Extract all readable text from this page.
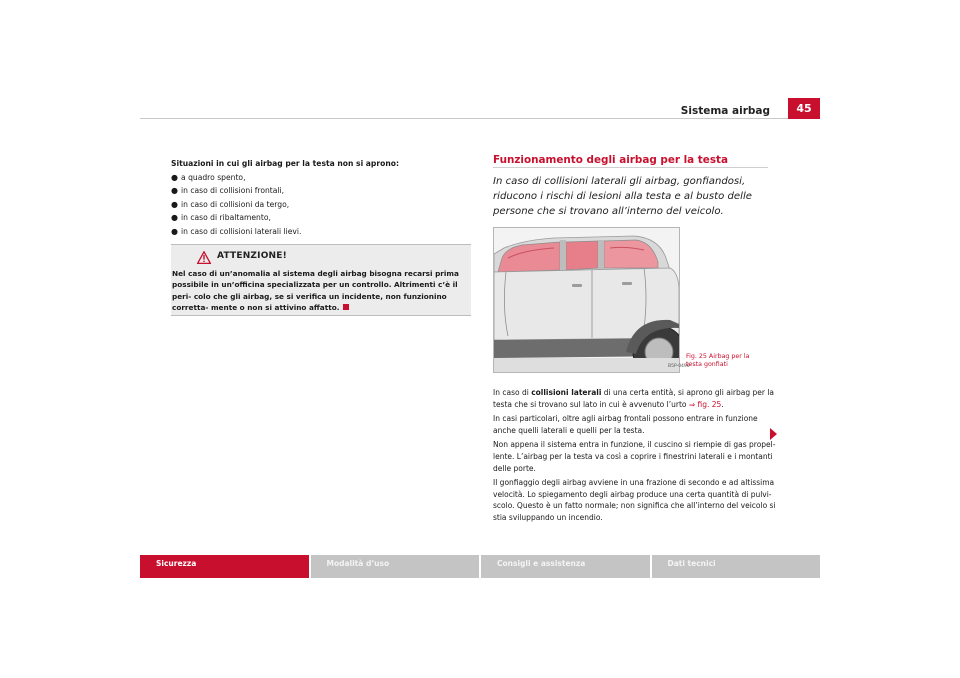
Sistema airbag	45
Situazioni in cui gli airbag per la testa non si aprono:
● a quadro spento,
● in caso di collisioni frontali,
● in caso di collisioni da tergo,
● in caso di ribaltamento,
● in caso di collisioni laterali lievi.
ATTENZIONE!
Nel caso di un’anomalia al sistema degli airbag bisogna recarsi prima possibile in un’officina specializzata per un controllo. Altrimenti c’è il peri- colo che gli airbag, se si verifica un incidente, non funzionino corretta- mente o non si attivino affatto.
Funzionamento degli airbag per la testa
In caso di collisioni laterali gli airbag, gonfiandosi, riducono i rischi di lesioni alla testa e al busto delle persone che si trovano all’interno del veicolo.
B5P-0496
Fig. 25 Airbag per la testa gonfiati

In caso di collisioni laterali di una certa entità, si aprono gli airbag per la testa che si trovano sul lato in cui è avvenuto l’urto ⇒ fig. 25.

In casi particolari, oltre agli airbag frontali possono entrare in funzione anche quelli laterali e quelli per la testa.

Non appena il sistema entra in funzione, il cuscino si riempie di gas propel- lente. L’airbag per la testa va così a coprire i finestrini laterali e i montanti delle porte.

Il gonfiaggio degli airbag avviene in una frazione di secondo e ad altissima velocità. Lo spiegamento degli airbag produce una certa quantità di pulvi- scolo. Questo è un fatto normale; non significa che all’interno del veicolo si stia sviluppando un incendio.

Sicurezza	Modalità d’uso	Consigli e assistenza	Dati tecnici
